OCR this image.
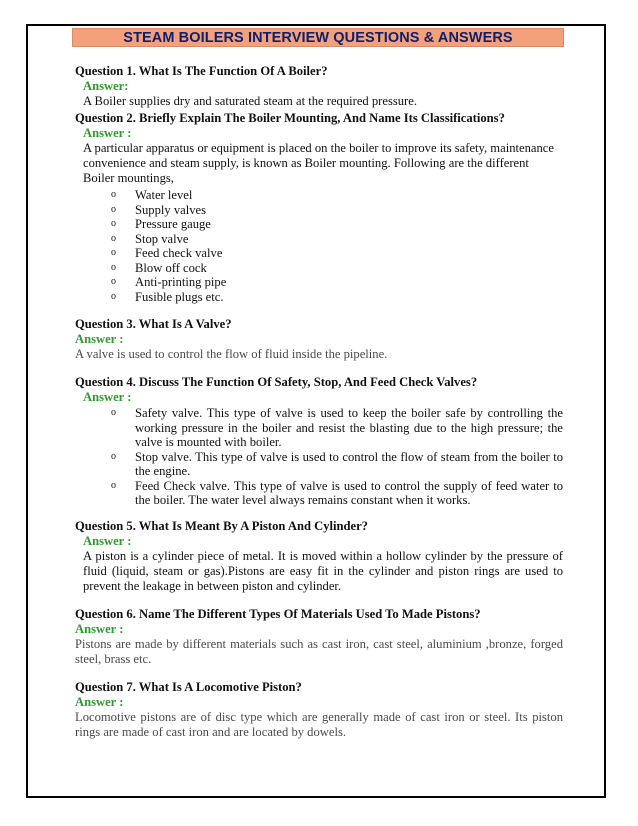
STEAM BOILERS INTERVIEW QUESTIONS & ANSWERS

Question 1. What Is The Function Of A Boiler?

Answer:
A Boiler supplies dry and saturated steam at the required pressure.

Question 2. Briefly Explain The Boiler Mounting, And Name Its Classifications?

Answer :
A particular apparatus or equipment is placed on the boiler to improve its safety, maintenance convenience and steam supply, is known as Boiler mounting. Following are the different Boiler mountings,
o Water level
o Supply valves
o Pressure gauge
o Stop valve
o Feed check valve
o Blow off cock
o Anti-printing pipe
o Fusible plugs etc.

Question 3. What Is A Valve?

Answer :
A valve is used to control the flow of fluid inside the pipeline.

Question 4. Discuss The Function Of Safety, Stop, And Feed Check Valves?

Answer :
o Safety valve. This type of valve is used to keep the boiler safe by controlling the working pressure in the boiler and resist the blasting due to the high pressure; the valve is mounted with boiler.
o Stop valve. This type of valve is used to control the flow of steam from the boiler to the engine.
o Feed Check valve. This type of valve is used to control the supply of feed water to the boiler. The water level always remains constant when it works.

Question 5. What Is Meant By A Piston And Cylinder?

Answer :
A piston is a cylinder piece of metal. It is moved within a hollow cylinder by the pressure of fluid (liquid, steam or gas).Pistons are easy fit in the cylinder and piston rings are used to prevent the leakage in between piston and cylinder.

Question 6. Name The Different Types Of Materials Used To Made Pistons?

Answer :
Pistons are made by different materials such as cast iron, cast steel, aluminium ,bronze, forged steel, brass etc.

Question 7. What Is A Locomotive Piston?

Answer :
Locomotive pistons are of disc type which are generally made of cast iron or steel. Its piston rings are made of cast iron and are located by dowels.
